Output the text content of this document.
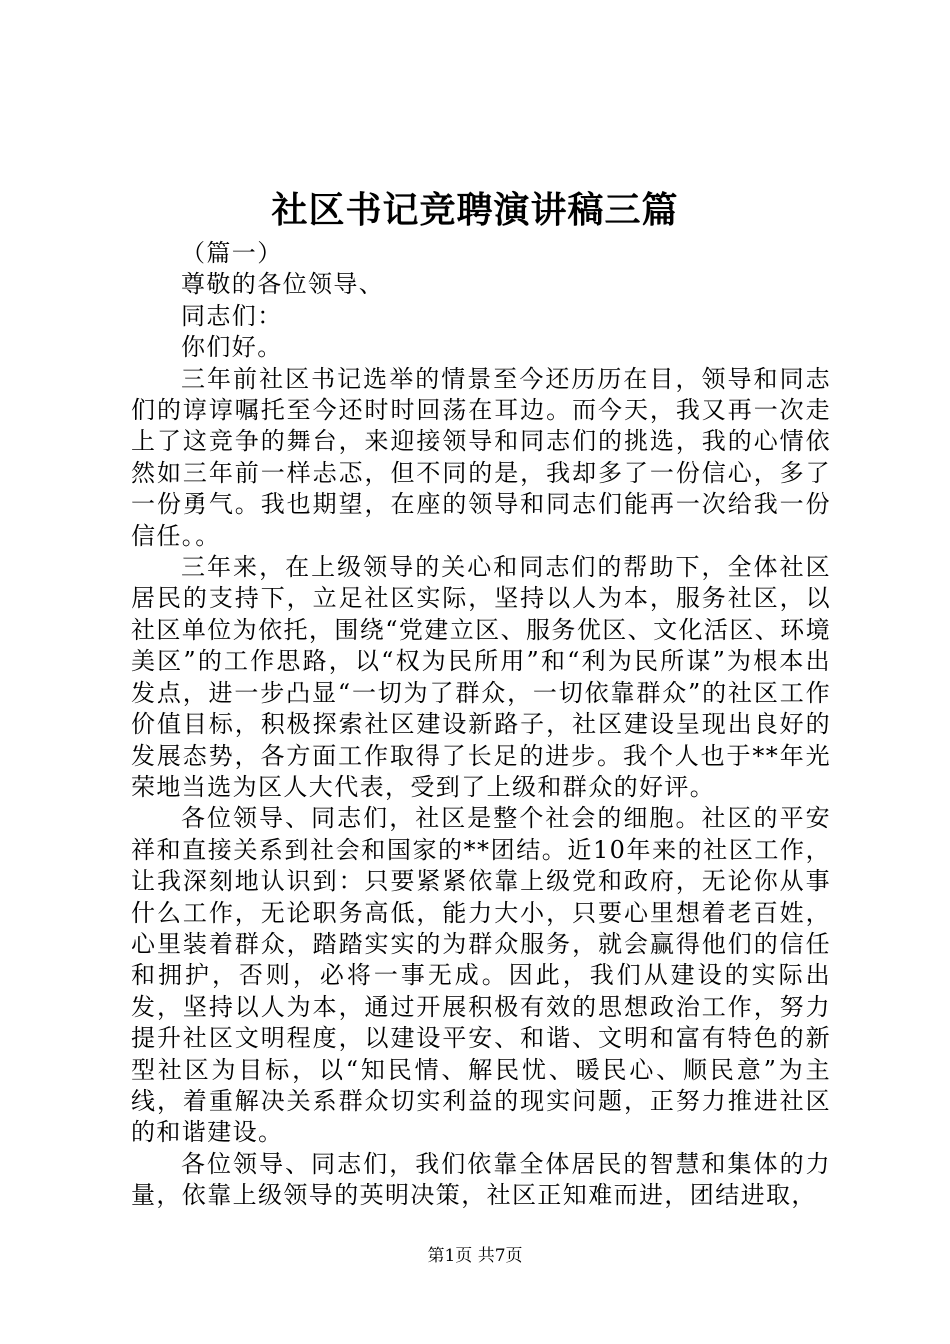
社区书记竞聘演讲稿三篇

（篇一）

尊敬的各位领导、

同志们：

你们好。

三年前社区书记选举的情景至今还历历在目，领导和同志们的谆谆嘱托至今还时时回荡在耳边。而今天，我又再一次走上了这竞争的舞台，来迎接领导和同志们的挑选，我的心情依然如三年前一样忐忑，但不同的是，我却多了一份信心，多了一份勇气。我也期望，在座的领导和同志们能再一次给我一份信任。。

三年来，在上级领导的关心和同志们的帮助下，全体社区居民的支持下，立足社区实际，坚持以人为本，服务社区，以社区单位为依托，围绕“党建立区、服务优区、文化活区、环境美区”的工作思路，以“权为民所用”和“利为民所谋”为根本出发点，进一步凸显“一切为了群众，一切依靠群众”的社区工作价值目标，积极探索社区建设新路子，社区建设呈现出良好的发展态势，各方面工作取得了长足的进步。我个人也于**年光荣地当选为区人大代表，受到了上级和群众的好评。

各位领导、同志们，社区是整个社会的细胞。社区的平安祥和直接关系到社会和国家的**团结。近10年来的社区工作，让我深刻地认识到：只要紧紧依靠上级党和政府，无论你从事什么工作，无论职务高低，能力大小，只要心里想着老百姓，心里装着群众，踏踏实实的为群众服务，就会赢得他们的信任和拥护，否则，必将一事无成。因此，我们从建设的实际出发，坚持以人为本，通过开展积极有效的思想政治工作，努力提升社区文明程度，以建设平安、和谐、文明和富有特色的新型社区为目标，以“知民情、解民忧、暖民心、顺民意”为主线，着重解决关系群众切实利益的现实问题，正努力推进社区的和谐建设。

各位领导、同志们，我们依靠全体居民的智慧和集体的力量，依靠上级领导的英明决策，社区正知难而进，团结进取，

第1页 共7页
